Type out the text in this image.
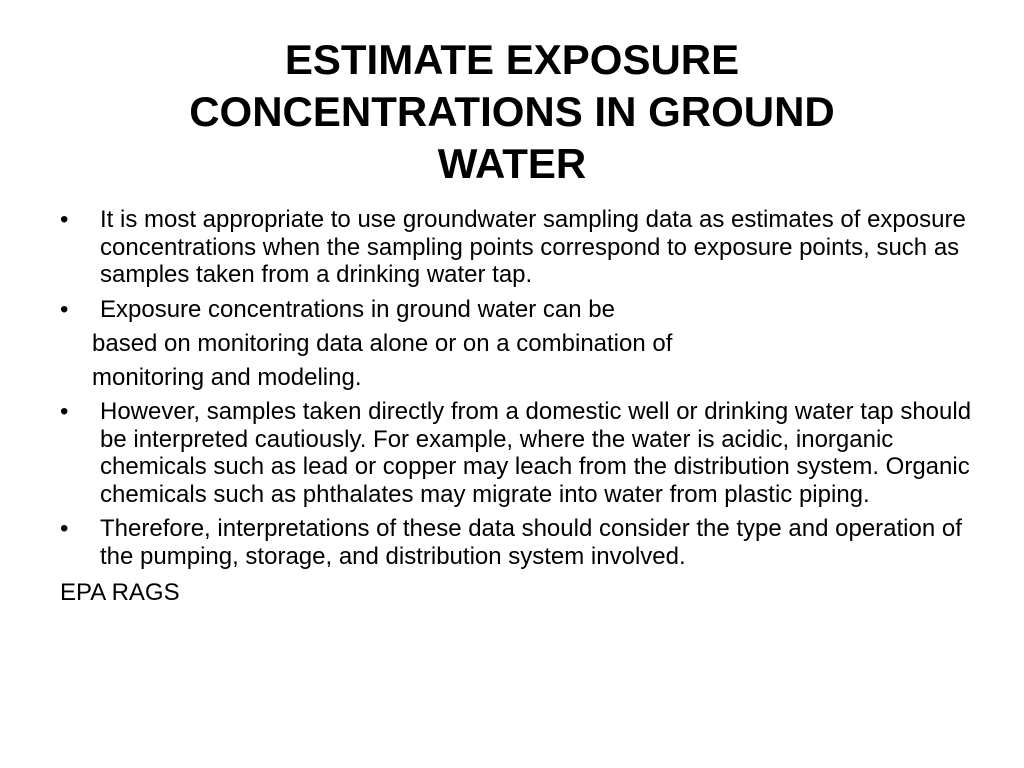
ESTIMATE EXPOSURE
CONCENTRATIONS IN GROUND
WATER
•	It is most appropriate to use groundwater sampling data as estimates of exposure concentrations when the sampling points correspond to exposure points, such as samples taken from a drinking water tap.
•	Exposure concentrations in ground water can be
based on monitoring data alone or on a combination of
monitoring and modeling.
•	However, samples taken directly from a domestic well or drinking water tap should be interpreted cautiously. For example, where the water is acidic, inorganic chemicals such as lead or copper may leach from the distribution system. Organic chemicals such as phthalates may migrate into water from plastic piping.
•	Therefore, interpretations of these data should consider the type and operation of the pumping, storage, and distribution system involved.
EPA RAGS
